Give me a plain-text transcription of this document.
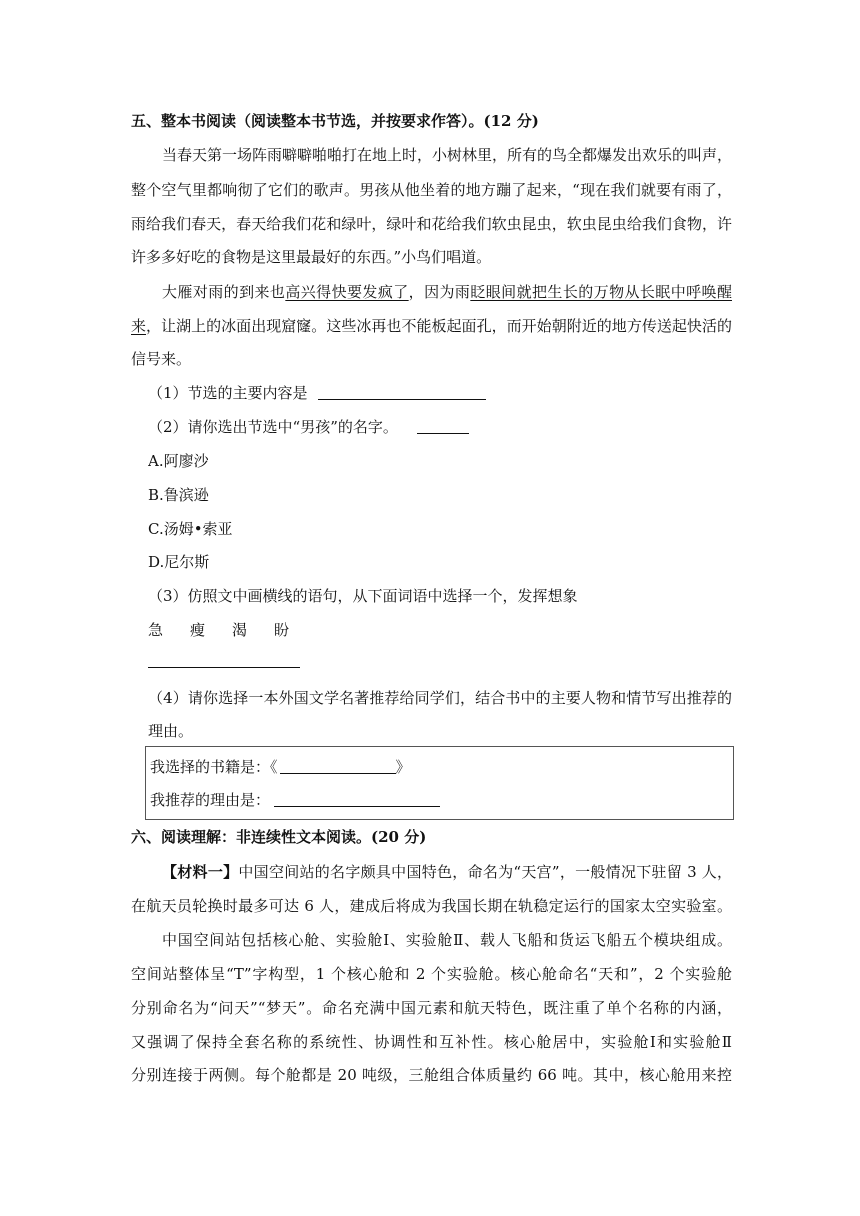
五、整本书阅读（阅读整本书节选，并按要求作答）。(12 分)
当春天第一场阵雨噼噼啪啪打在地上时，小树林里，所有的鸟全都爆发出欢乐的叫声，
整个空气里都响彻了它们的歌声。男孩从他坐着的地方蹦了起来，“现在我们就要有雨了，
雨给我们春天，春天给我们花和绿叶，绿叶和花给我们软虫昆虫，软虫昆虫给我们食物，许
许多多好吃的食物是这里最最好的东西。”小鸟们唱道。
大雁对雨的到来也高兴得快要发疯了，因为雨眨眼间就把生长的万物从长眠中呼唤醒
来，让湖上的冰面出现窟窿。这些冰再也不能板起面孔，而开始朝附近的地方传送起快活的
信号来。
（1）节选的主要内容是
（2）请你选出节选中“男孩”的名字。
A.阿廖沙
B.鲁滨逊
C.汤姆•索亚
D.尼尔斯
（3）仿照文中画横线的语句，从下面词语中选择一个，发挥想象
急 瘦 渴 盼
（4）请你选择一本外国文学名著推荐给同学们，结合书中的主要人物和情节写出推荐的
理由。
我选择的书籍是：《	》
我推荐的理由是：
六、阅读理解：非连续性文本阅读。(20 分)
【材料一】中国空间站的名字颇具中国特色，命名为“天宫”，一般情况下驻留 3 人，
在航天员轮换时最多可达 6 人，建成后将成为我国长期在轨稳定运行的国家太空实验室。
中国空间站包括核心舱、实验舱Ⅰ、实验舱Ⅱ、载人飞船和货运飞船五个模块组成。
空间站整体呈“T”字构型，1 个核心舱和 2 个实验舱。核心舱命名“天和”，2 个实验舱
分别命名为“问天”“梦天”。命名充满中国元素和航天特色，既注重了单个名称的内涵，
又强调了保持全套名称的系统性、协调性和互补性。核心舱居中，实验舱Ⅰ和实验舱Ⅱ
分别连接于两侧。每个舱都是 20 吨级，三舱组合体质量约 66 吨。其中，核心舱用来控
